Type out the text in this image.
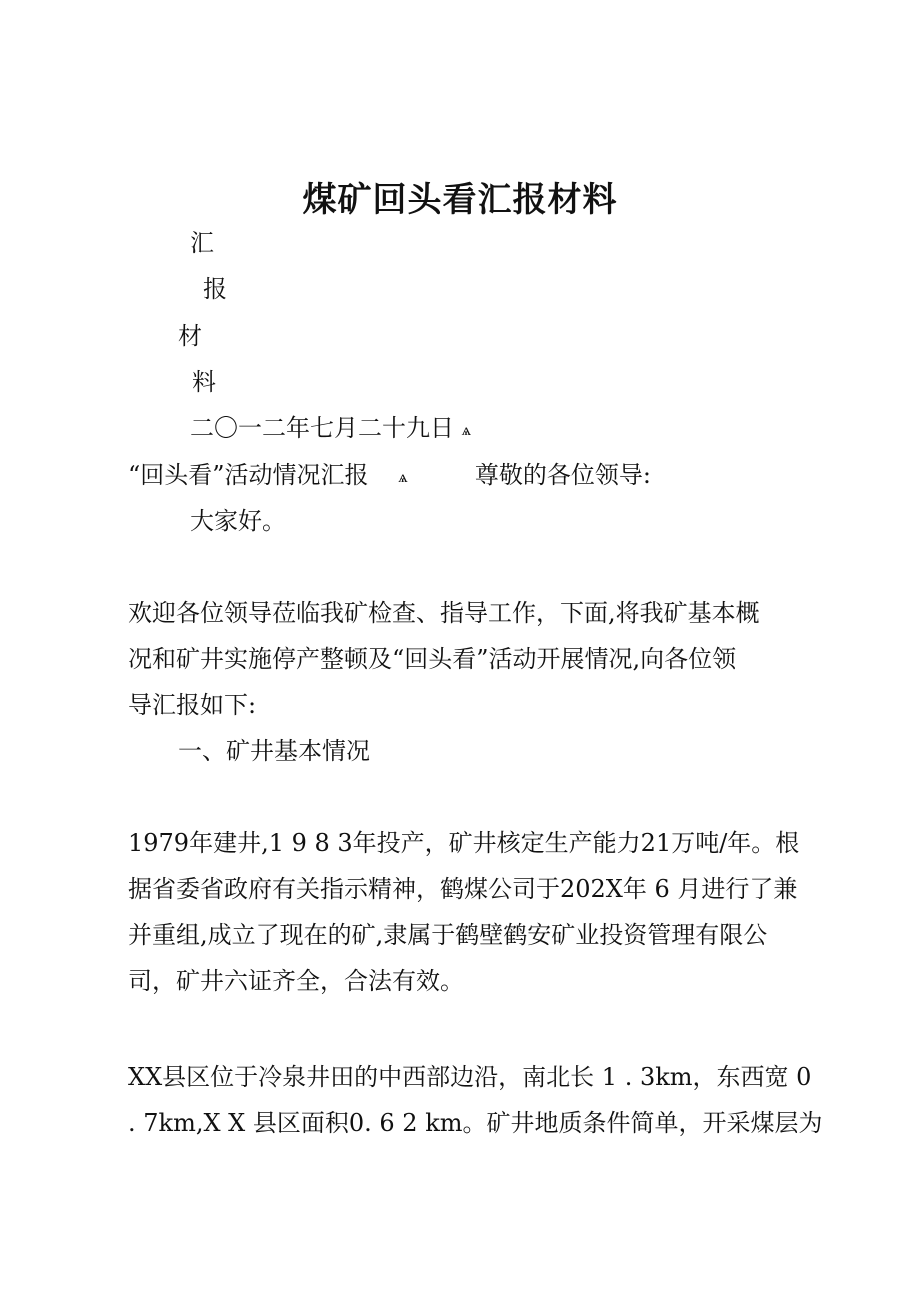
煤矿回头看汇报材料
汇
报
材
料
二〇一二年七月二十九日 ѧ
“回头看”活动情况汇报 ѧ	尊敬的各位领导:
大家好。
欢迎各位领导莅临我矿检查、指导工作，下面,将我矿基本概
况和矿井实施停产整顿及“回头看”活动开展情况,向各位领
导汇报如下:
一、矿井基本情况
1979年建井,1 9 8 3年投产，矿井核定生产能力21万吨/年。根
据省委省政府有关指示精神，鹤煤公司于202X年 6 月进行了兼
并重组,成立了现在的矿,隶属于鹤壁鹤安矿业投资管理有限公
司，矿井六证齐全，合法有效。
XX县区位于冷泉井田的中西部边沿，南北长 1 . 3km，东西宽 0
. 7km,X X 县区面积0. 6 2 km。矿井地质条件简单，开采煤层为
